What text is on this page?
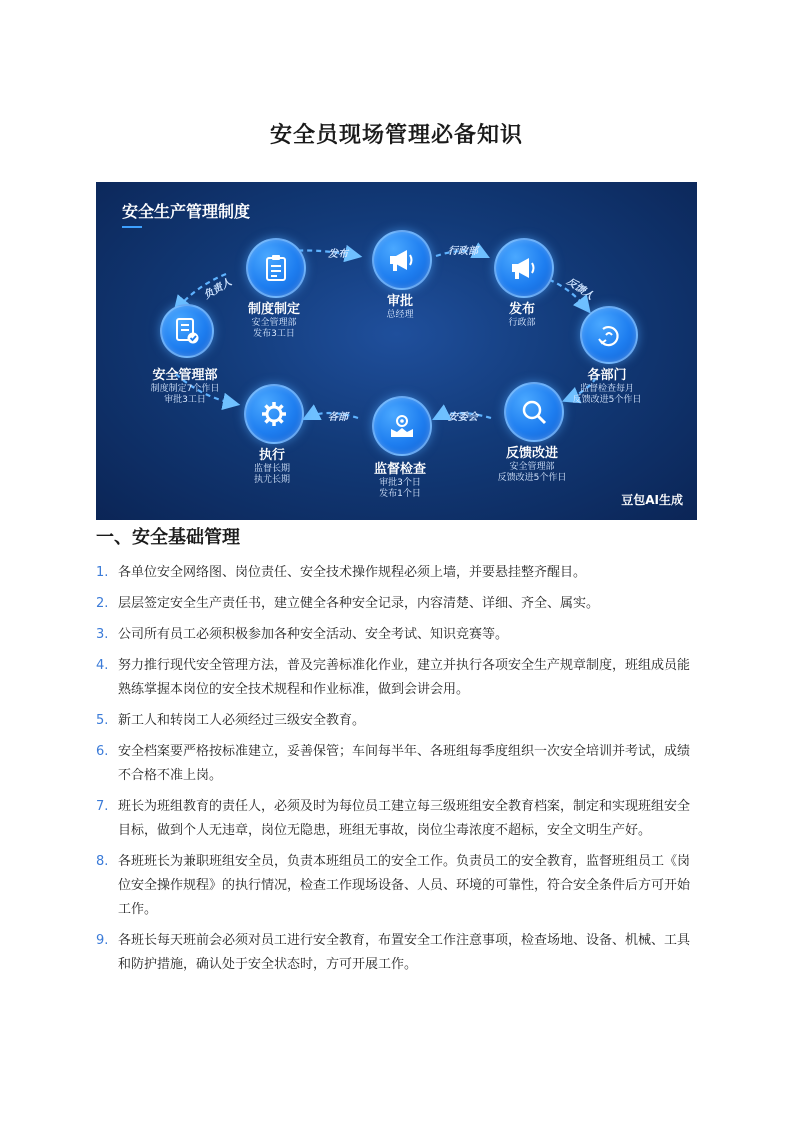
安全员现场管理必备知识
安全生产管理制度
安全管理部
制度制定7个作日
审批3工日
制度制定
安全管理部
发布3工日
审批
总经理	发布
行政部
各部门
监督检查每月
反馈改进5个作日
反馈改进
安全管理部
反馈改进5个作日
监督检查
审批3个日
发布1个日
执行
监督长期
执尤长期
负责人
发布	行政部
反馈人
安委会
各部
豆包AI生成
一、安全基础管理
1. 各单位安全网络图、岗位责任、安全技术操作规程必须上墙，并要悬挂整齐醒目。
2. 层层签定安全生产责任书，建立健全各种安全记录，内容清楚、详细、齐全、属实。
3. 公司所有员工必须积极参加各种安全活动、安全考试、知识竞赛等。
4. 努力推行现代安全管理方法，普及完善标准化作业，建立并执行各项安全生产规章制度，班组成员能熟练掌握本岗位的安全技术规程和作业标准，做到会讲会用。
5. 新工人和转岗工人必须经过三级安全教育。
6. 安全档案要严格按标准建立，妥善保管；车间每半年、各班组每季度组织一次安全培训并考试，成绩不合格不准上岗。
7. 班长为班组教育的责任人，必须及时为每位员工建立每三级班组安全教育档案，制定和实现班组安全目标，做到个人无违章，岗位无隐患，班组无事故，岗位尘毒浓度不超标，安全文明生产好。
8. 各班班长为兼职班组安全员，负责本班组员工的安全工作。负责员工的安全教育，监督班组员工《岗位安全操作规程》的执行情况，检查工作现场设备、人员、环境的可靠性，符合安全条件后方可开始工作。
9. 各班长每天班前会必须对员工进行安全教育，布置安全工作注意事项，检查场地、设备、机械、工具和防护措施，确认处于安全状态时，方可开展工作。
